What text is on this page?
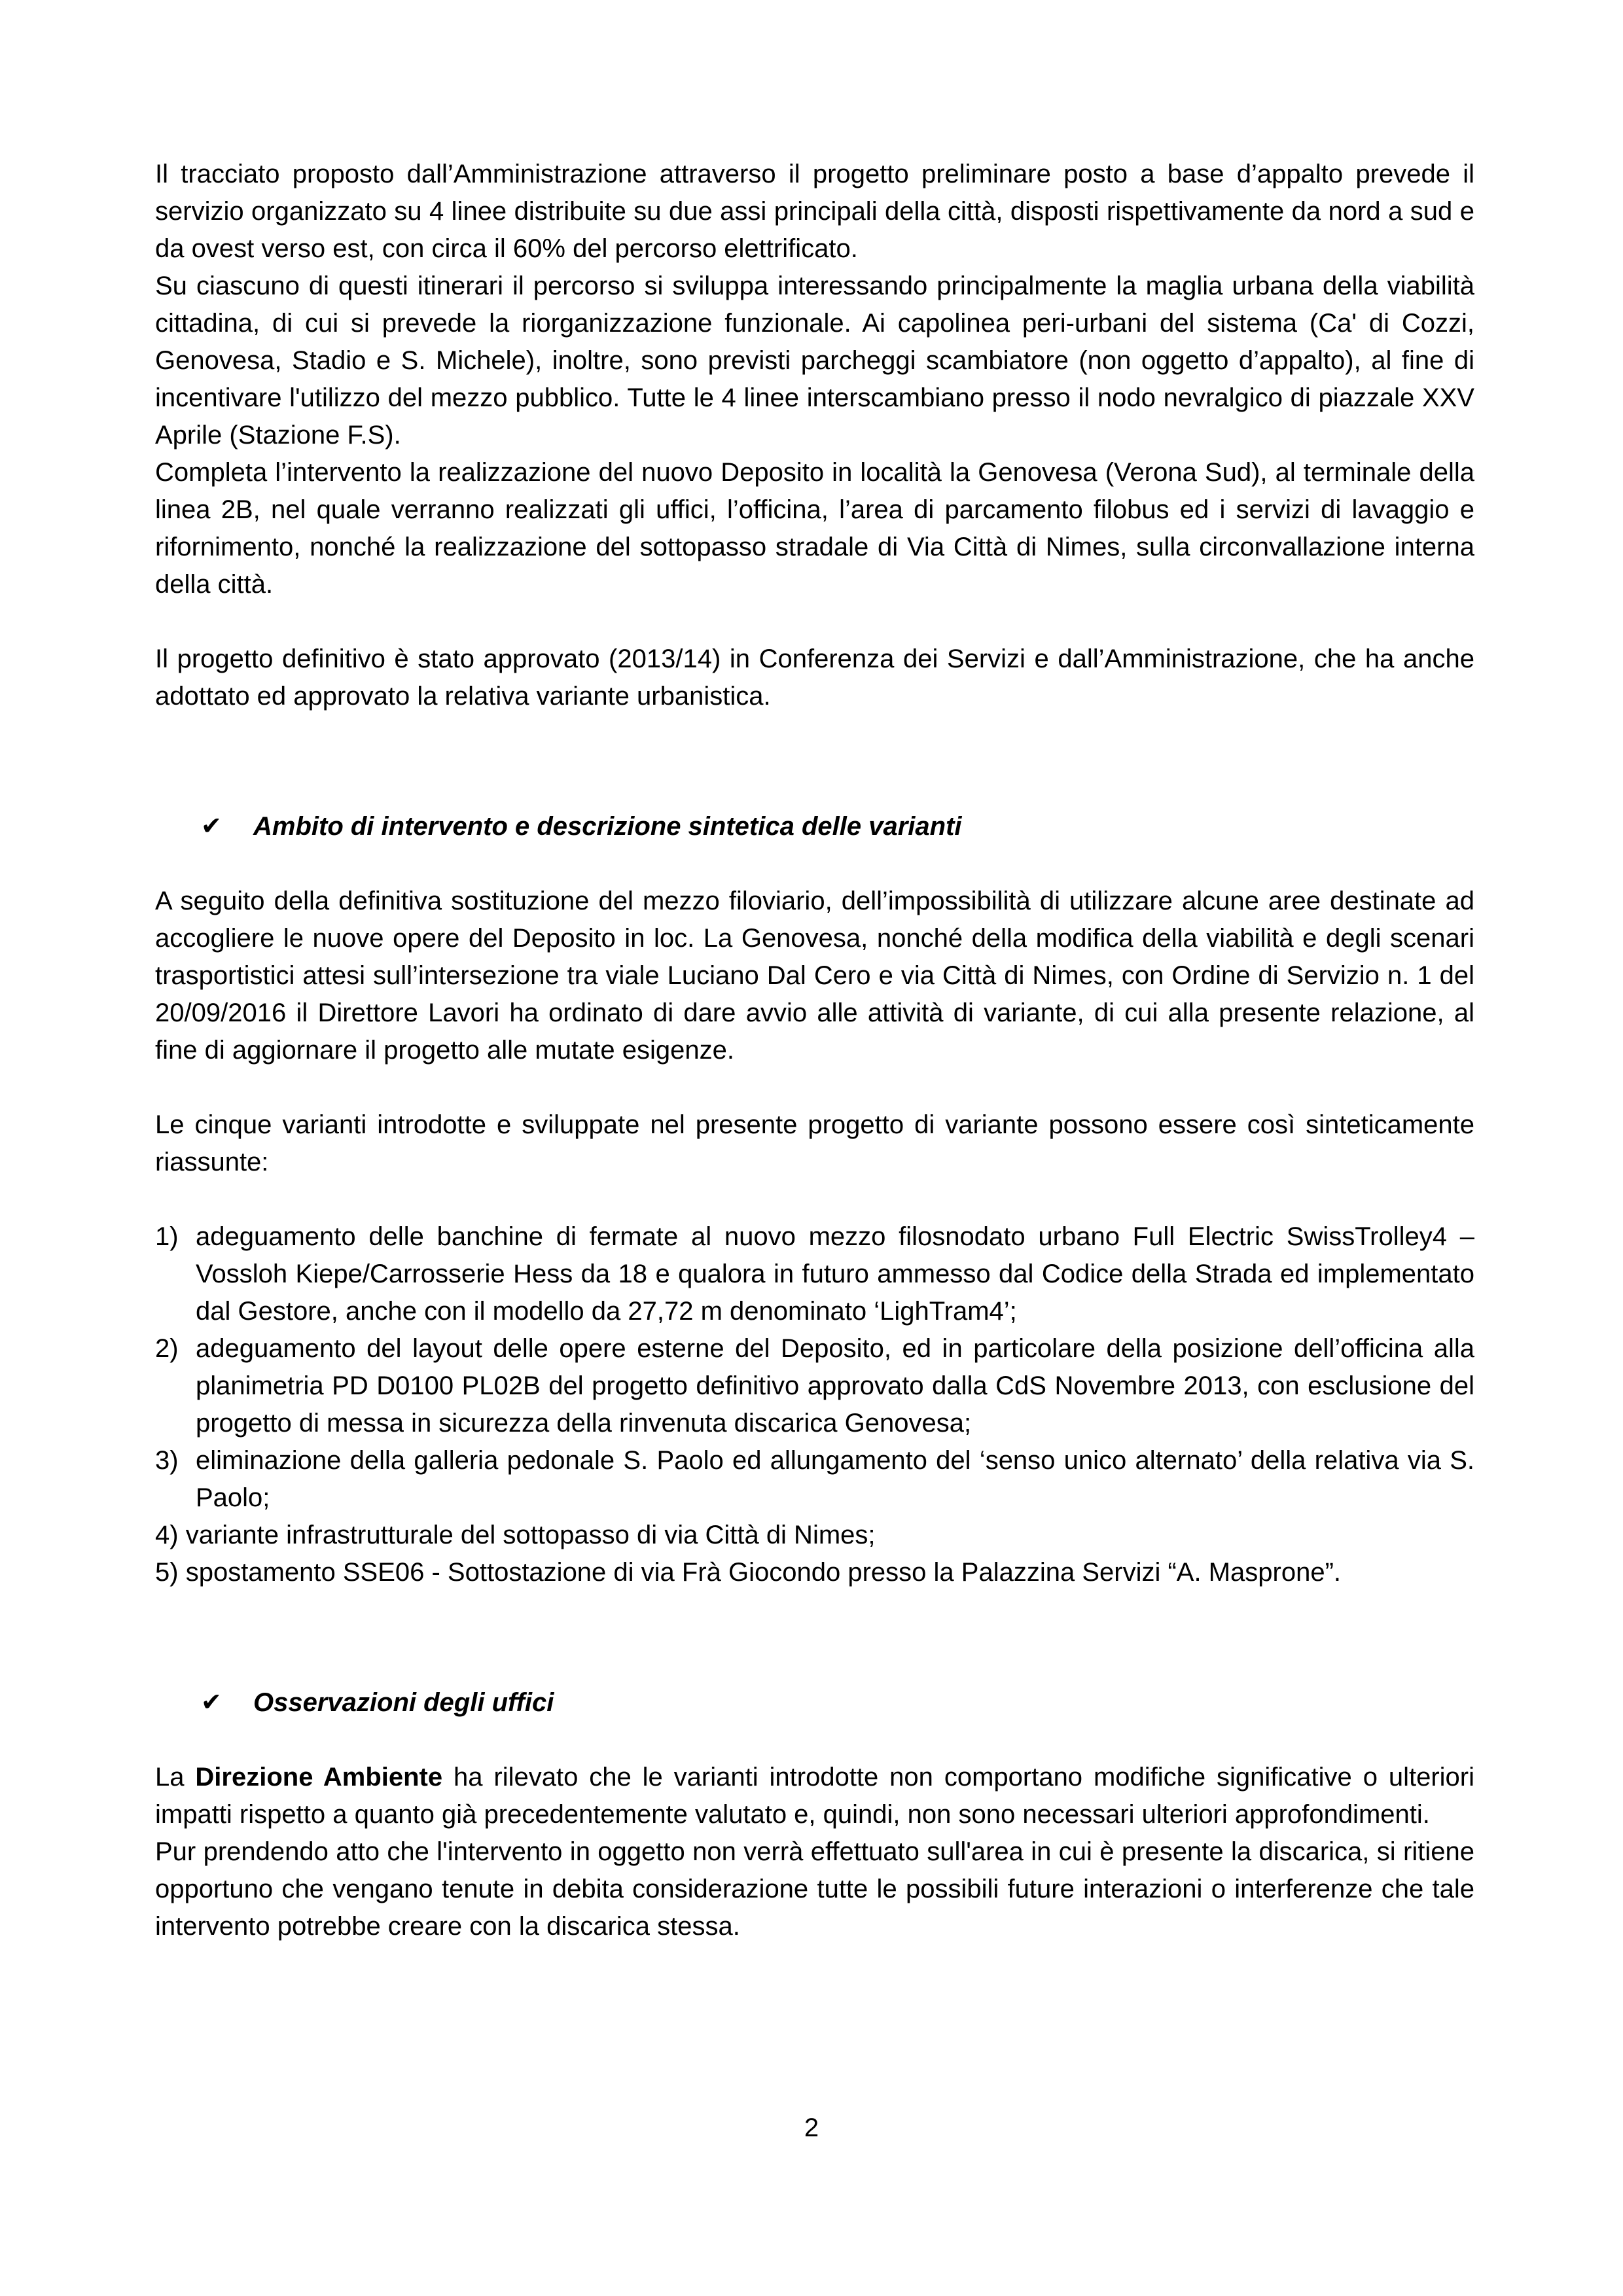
Il tracciato proposto dall’Amministrazione attraverso il progetto preliminare posto a base d’appalto prevede il servizio organizzato su 4 linee distribuite su due assi principali della città, disposti rispettivamente da nord a sud e da ovest verso est, con circa il 60% del percorso elettrificato.

Su ciascuno di questi itinerari il percorso si sviluppa interessando principalmente la maglia urbana della viabilità cittadina, di cui si prevede la riorganizzazione funzionale. Ai capolinea peri-urbani del sistema (Ca' di Cozzi, Genovesa, Stadio e S. Michele), inoltre, sono previsti parcheggi scambiatore (non oggetto d’appalto), al fine di incentivare l'utilizzo del mezzo pubblico. Tutte le 4 linee interscambiano presso il nodo nevralgico di piazzale XXV Aprile (Stazione F.S).

Completa l’intervento la realizzazione del nuovo Deposito in località la Genovesa (Verona Sud), al terminale della linea 2B, nel quale verranno realizzati gli uffici, l’officina, l’area di parcamento filobus ed i servizi di lavaggio e rifornimento, nonché la realizzazione del sottopasso stradale di Via Città di Nimes, sulla circonvallazione interna della città.

Il progetto definitivo è stato approvato (2013/14) in Conferenza dei Servizi e dall’Amministrazione, che ha anche adottato ed approvato la relativa variante urbanistica.

✔	Ambito di intervento e descrizione sintetica delle varianti

A seguito della definitiva sostituzione del mezzo filoviario, dell’impossibilità di utilizzare alcune aree destinate ad accogliere le nuove opere del Deposito in loc. La Genovesa, nonché della modifica della viabilità e degli scenari trasportistici attesi sull’intersezione tra viale Luciano Dal Cero e via Città di Nimes, con Ordine di Servizio n. 1 del 20/09/2016 il Direttore Lavori ha ordinato di dare avvio alle attività di variante, di cui alla presente relazione, al fine di aggiornare il progetto alle mutate esigenze.

Le cinque varianti introdotte e sviluppate nel presente progetto di variante possono essere così sinteticamente riassunte:

1) adeguamento delle banchine di fermate al nuovo mezzo filosnodato urbano Full Electric SwissTrolley4 – Vossloh Kiepe/Carrosserie Hess da 18 e qualora in futuro ammesso dal Codice della Strada ed implementato dal Gestore, anche con il modello da 27,72 m denominato ‘LighTram4’;
2) adeguamento del layout delle opere esterne del Deposito, ed in particolare della posizione dell’officina alla planimetria PD D0100 PL02B del progetto definitivo approvato dalla CdS Novembre 2013, con esclusione del progetto di messa in sicurezza della rinvenuta discarica Genovesa;
3) eliminazione della galleria pedonale S. Paolo ed allungamento del ‘senso unico alternato’ della relativa via S. Paolo;
4) variante infrastrutturale del sottopasso di via Città di Nimes;
5) spostamento SSE06 - Sottostazione di via Frà Giocondo presso la Palazzina Servizi “A. Masprone”.
✔	Osservazioni degli uffici

La Direzione Ambiente ha rilevato che le varianti introdotte non comportano modifiche significative o ulteriori impatti rispetto a quanto già precedentemente valutato e, quindi, non sono necessari ulteriori approfondimenti.

Pur prendendo atto che l'intervento in oggetto non verrà effettuato sull'area in cui è presente la discarica, si ritiene opportuno che vengano tenute in debita considerazione tutte le possibili future interazioni o interferenze che tale intervento potrebbe creare con la discarica stessa.

2
